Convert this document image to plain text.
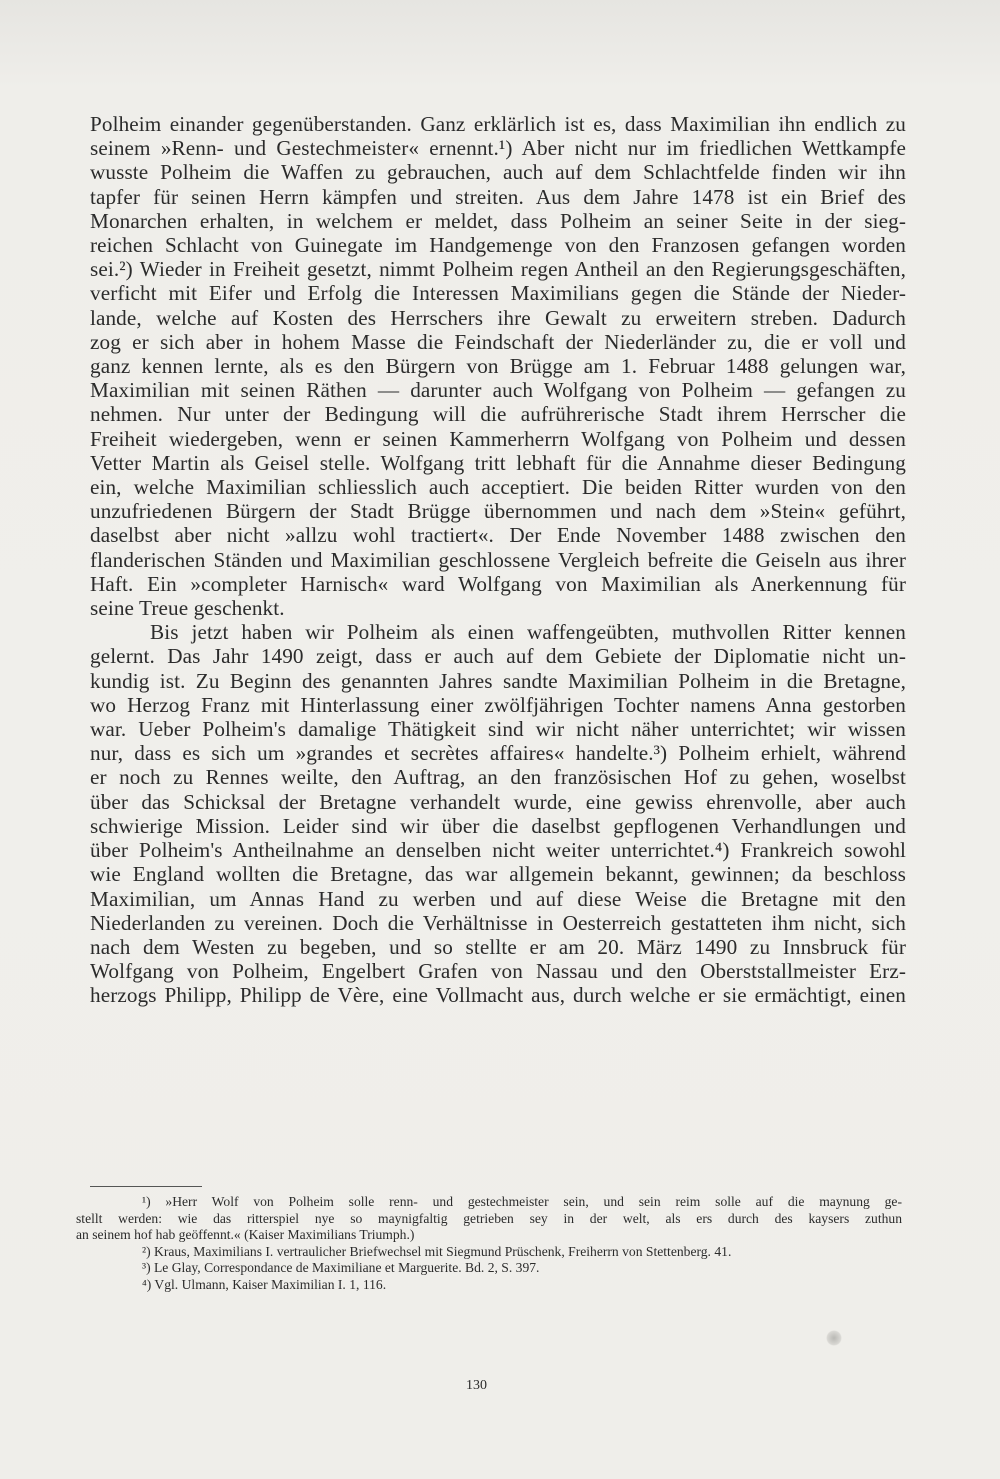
Polheim einander gegenüberstanden. Ganz erklärlich ist es, dass Maximilian ihn endlich zu
seinem »Renn- und Gestechmeister« ernennt.¹) Aber nicht nur im friedlichen Wettkampfe
wusste Polheim die Waffen zu gebrauchen, auch auf dem Schlachtfelde finden wir ihn
tapfer für seinen Herrn kämpfen und streiten. Aus dem Jahre 1478 ist ein Brief des
Monarchen erhalten, in welchem er meldet, dass Polheim an seiner Seite in der sieg-
reichen Schlacht von Guinegate im Handgemenge von den Franzosen gefangen worden
sei.²) Wieder in Freiheit gesetzt, nimmt Polheim regen Antheil an den Regierungsgeschäften,
verficht mit Eifer und Erfolg die Interessen Maximilians gegen die Stände der Nieder-
lande, welche auf Kosten des Herrschers ihre Gewalt zu erweitern streben. Dadurch
zog er sich aber in hohem Masse die Feindschaft der Niederländer zu, die er voll und
ganz kennen lernte, als es den Bürgern von Brügge am 1. Februar 1488 gelungen war,
Maximilian mit seinen Räthen — darunter auch Wolfgang von Polheim — gefangen zu
nehmen. Nur unter der Bedingung will die aufrührerische Stadt ihrem Herrscher die
Freiheit wiedergeben, wenn er seinen Kammerherrn Wolfgang von Polheim und dessen
Vetter Martin als Geisel stelle. Wolfgang tritt lebhaft für die Annahme dieser Bedingung
ein, welche Maximilian schliesslich auch acceptiert. Die beiden Ritter wurden von den
unzufriedenen Bürgern der Stadt Brügge übernommen und nach dem »Stein« geführt,
daselbst aber nicht »allzu wohl tractiert«. Der Ende November 1488 zwischen den
flanderischen Ständen und Maximilian geschlossene Vergleich befreite die Geiseln aus ihrer
Haft. Ein »completer Harnisch« ward Wolfgang von Maximilian als Anerkennung für
seine Treue geschenkt.
Bis jetzt haben wir Polheim als einen waffengeübten, muthvollen Ritter kennen
gelernt. Das Jahr 1490 zeigt, dass er auch auf dem Gebiete der Diplomatie nicht un-
kundig ist. Zu Beginn des genannten Jahres sandte Maximilian Polheim in die Bretagne,
wo Herzog Franz mit Hinterlassung einer zwölfjährigen Tochter namens Anna gestorben
war. Ueber Polheim's damalige Thätigkeit sind wir nicht näher unterrichtet; wir wissen
nur, dass es sich um »grandes et secrètes affaires« handelte.³) Polheim erhielt, während
er noch zu Rennes weilte, den Auftrag, an den französischen Hof zu gehen, woselbst
über das Schicksal der Bretagne verhandelt wurde, eine gewiss ehrenvolle, aber auch
schwierige Mission. Leider sind wir über die daselbst gepflogenen Verhandlungen und
über Polheim's Antheilnahme an denselben nicht weiter unterrichtet.⁴) Frankreich sowohl
wie England wollten die Bretagne, das war allgemein bekannt, gewinnen; da beschloss
Maximilian, um Annas Hand zu werben und auf diese Weise die Bretagne mit den
Niederlanden zu vereinen. Doch die Verhältnisse in Oesterreich gestatteten ihm nicht, sich
nach dem Westen zu begeben, und so stellte er am 20. März 1490 zu Innsbruck für
Wolfgang von Polheim, Engelbert Grafen von Nassau und den Oberststallmeister Erz-
herzogs Philipp, Philipp de Vère, eine Vollmacht aus, durch welche er sie ermächtigt, einen
¹) »Herr Wolf von Polheim solle renn- und gestechmeister sein, und sein reim solle auf die maynung ge-
stellt werden: wie das ritterspiel nye so maynigfaltig getrieben sey in der welt, als ers durch des kaysers zuthun
an seinem hof hab geöffennt.« (Kaiser Maximilians Triumph.)
²) Kraus, Maximilians I. vertraulicher Briefwechsel mit Siegmund Prüschenk, Freiherrn von Stettenberg. 41.
³) Le Glay, Correspondance de Maximiliane et Marguerite. Bd. 2, S. 397.
⁴) Vgl. Ulmann, Kaiser Maximilian I. 1, 116.
130
